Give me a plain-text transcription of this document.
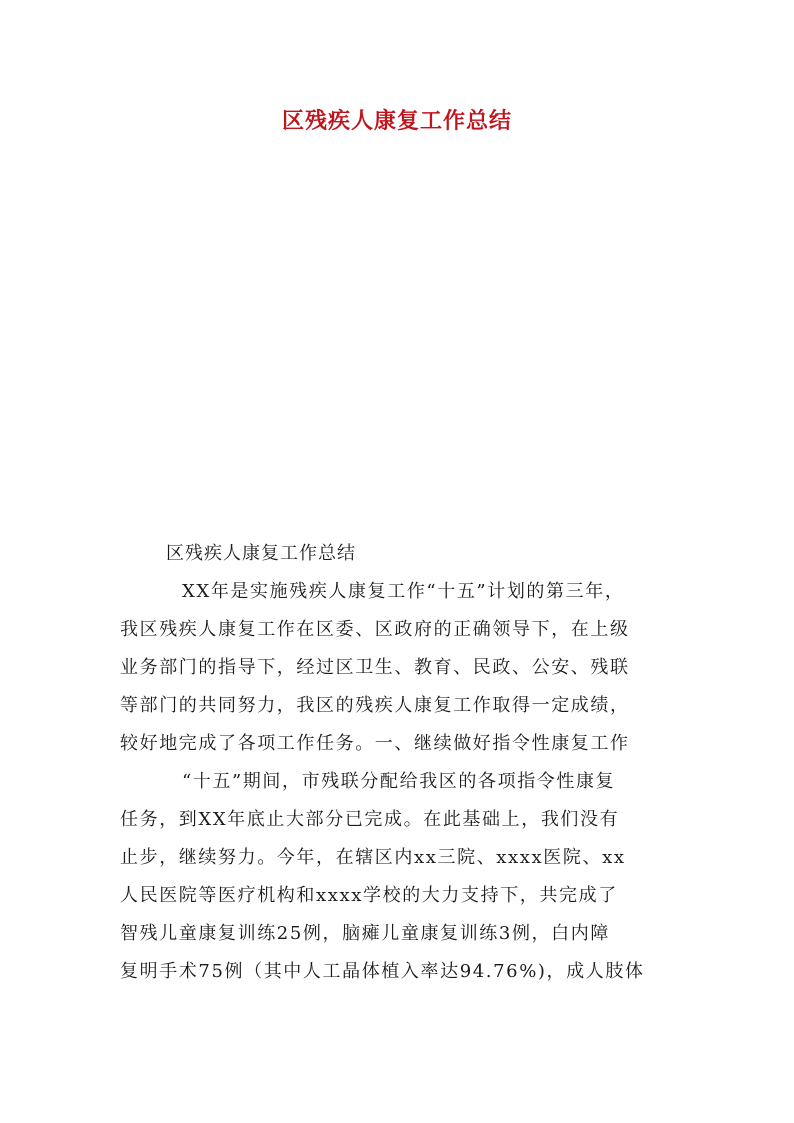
区残疾人康复工作总结
区残疾人康复工作总结
XX年是实施残疾人康复工作“十五”计划的第三年，
我区残疾人康复工作在区委、区政府的正确领导下，在上级
业务部门的指导下，经过区卫生、教育、民政、公安、残联
等部门的共同努力，我区的残疾人康复工作取得一定成绩，
较好地完成了各项工作任务。一、继续做好指令性康复工作
“十五”期间，市残联分配给我区的各项指令性康复
任务，到XX年底止大部分已完成。在此基础上，我们没有
止步，继续努力。今年，在辖区内xx三院、xxxx医院、xx
人民医院等医疗机构和xxxx学校的大力支持下，共完成了
智残儿童康复训练25例，脑瘫儿童康复训练3例，白内障
复明手术75例（其中人工晶体植入率达94.76%)，成人肢体
